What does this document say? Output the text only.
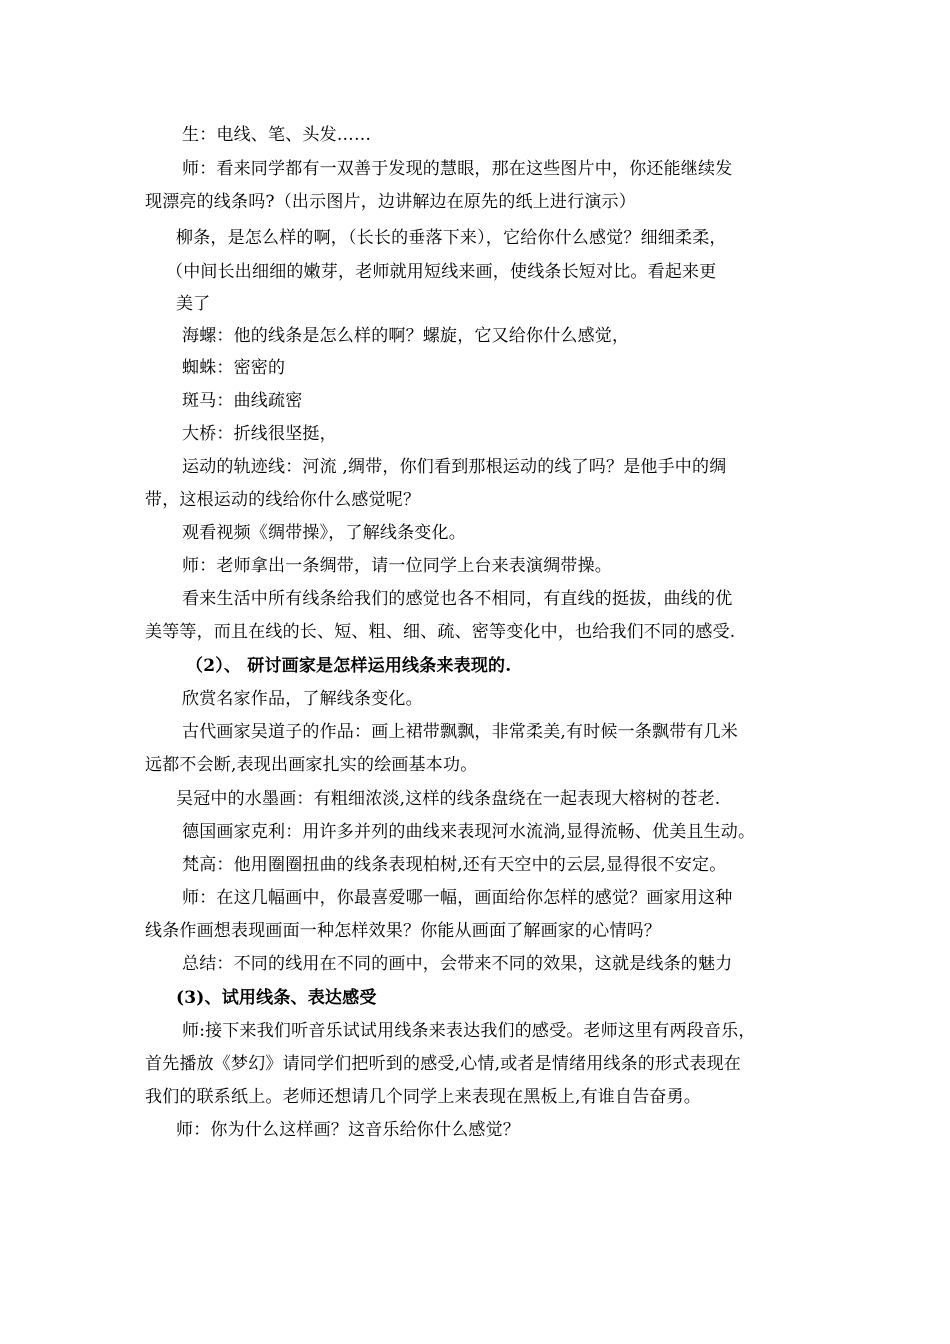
生：电线、笔、头发……
师：看来同学都有一双善于发现的慧眼，那在这些图片中，你还能继续发
现漂亮的线条吗?（出示图片，边讲解边在原先的纸上进行演示）
柳条，是怎么样的啊，（长长的垂落下来），它给你什么感觉？细细柔柔，
（中间长出细细的嫩芽，老师就用短线来画，使线条长短对比。看起来更
美了
海螺：他的线条是怎么样的啊？螺旋，它又给你什么感觉，
蜘蛛：密密的
斑马：曲线疏密
大桥：折线很坚挺，
运动的轨迹线：河流 ,绸带，你们看到那根运动的线了吗？是他手中的绸
带，这根运动的线给你什么感觉呢？
观看视频《绸带操》，了解线条变化。
师：老师拿出一条绸带，请一位同学上台来表演绸带操。
看来生活中所有线条给我们的感觉也各不相同，有直线的挺拔，曲线的优
美等等，而且在线的长、短、粗、细、疏、密等变化中，也给我们不同的感受.
（2）、 研讨画家是怎样运用线条来表现的.
欣赏名家作品，了解线条变化。
古代画家吴道子的作品：画上裙带飘飘，非常柔美,有时候一条飘带有几米
远都不会断,表现出画家扎实的绘画基本功。
吴冠中的水墨画：有粗细浓淡,这样的线条盘绕在一起表现大榕树的苍老.
德国画家克利：用许多并列的曲线来表现河水流淌,显得流畅、优美且生动。
梵高：他用圈圈扭曲的线条表现柏树,还有天空中的云层,显得很不安定。
师：在这几幅画中，你最喜爱哪一幅，画面给你怎样的感觉？画家用这种
线条作画想表现画面一种怎样效果？你能从画面了解画家的心情吗？
总结：不同的线用在不同的画中，会带来不同的效果，这就是线条的魅力
(3)、试用线条、表达感受
师:接下来我们听音乐试试用线条来表达我们的感受。老师这里有两段音乐，
首先播放《梦幻》请同学们把听到的感受,心情,或者是情绪用线条的形式表现在
我们的联系纸上。老师还想请几个同学上来表现在黑板上,有谁自告奋勇。
师：你为什么这样画？这音乐给你什么感觉？
